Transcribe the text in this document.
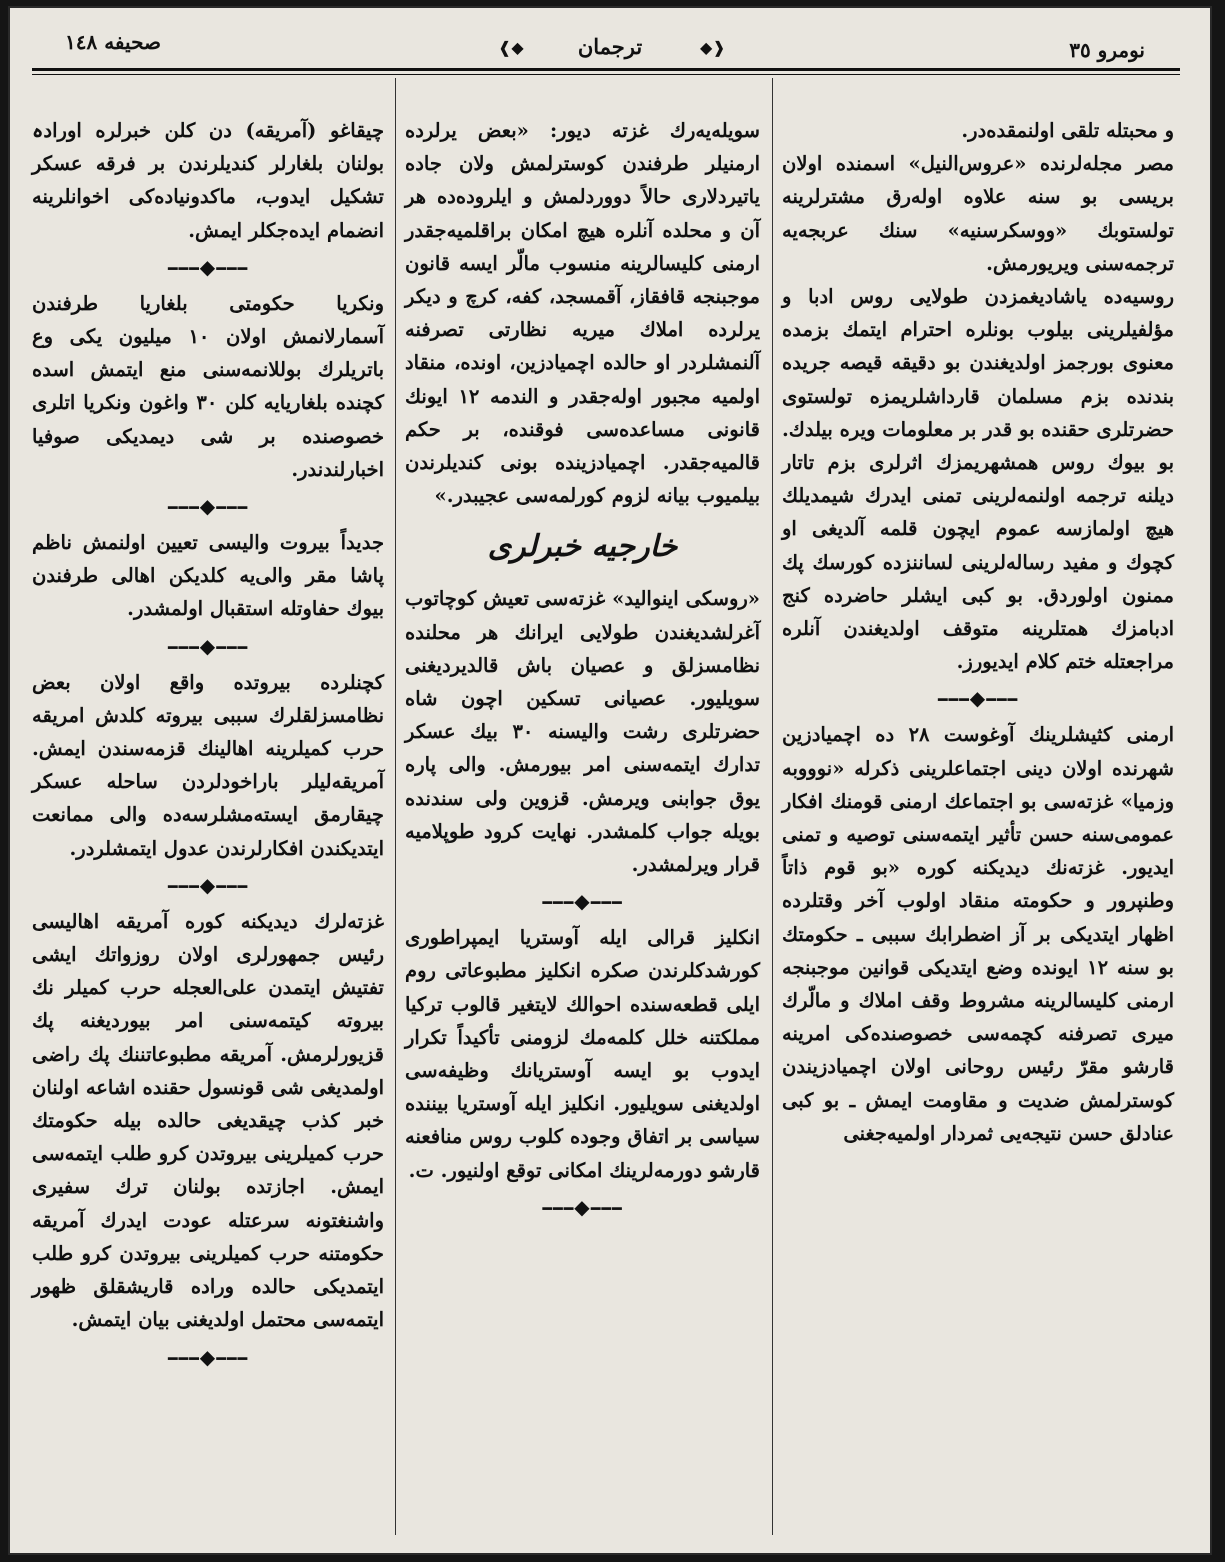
نومرو ٣٥
❰◆	ترجمان	◆❱
صحیفه ١٤٨

و محبتله تلقی اولنمقده‌در.

مصر مجله‌لرنده «عروس‌النیل» اسمنده اولان بریسی بو سنه علاوه اوله‌رق مشترلرینه تولستوبك «ووسکرسنیه» سنك عربجه‌یه ترجمه‌سنی ویریورمش.

روسیه‌ده یاشادیغمزدن طولایی روس ادبا و مؤلفیلرینی بیلوب بونلره احترام ایتمك بزمده معنوی بورجمز اولدیغندن بو دقیقه قیصه جریده بندنده بزم مسلمان قارداشلریمزه تولستوی حضرتلری حقنده بو قدر بر معلومات ویره بیلدك. بو بیوك روس همشهریمزك اثرلری بزم تاتار دیلنه ترجمه اولنمه‌لرینی تمنی ایدرك شیمدیلك هیچ اولمازسه عموم ایچون قلمه آلدیغی او کچوك و مفید رساله‌لرینی لساننزده کورسك پك ممنون اولوردق. بو کبی ایشلر حاضرده کنج ادبامزك همتلرینه متوقف اولدیغندن آنلره مراجعتله ختم کلام ایدیورز.

━━━◆━━━

ارمنی کثیشلرینك آوغوست ٢٨ ده اچمیادزین شهرنده اولان دینی اجتماعلرینی ذکرله «نوووبه وزمیا» غزته‌سی بو اجتماعك ارمنی قومنك افکار عمومی‌سنه حسن تأثیر ایتمه‌سنی توصیه و تمنی ایدیور. غزته‌نك دیدیکنه کوره «بو قوم ذاتاً وطنپرور و حکومته منقاد اولوب آخر وقتلرده اظهار ایتدیکی بر آز اضطرابك سببی ـ حکومتك بو سنه ١٢ ایونده وضع ایتدیکی قوانین موجبنجه ارمنی کلیسالرینه مشروط وقف املاك و مالّرك میری تصرفنه کچمه‌سی خصوصنده‌کی امرینه قارشو مقرّ رئیس روحانی اولان اچمیادزیندن کوسترلمش ضدیت و مقاومت ایمش ـ بو کبی عنادلق حسن نتیجه‌یی ثمردار اولمیه‌جغنی

سویله‌یه‌رك غزته دیور: «بعض یرلرده ارمنیلر طرفندن کوسترلمش ولان جاده یاتیردلاری حالاً دووردلمش و ایلروده‌ده هر آن و محلده آنلره هیچ امکان براقلمیه‌جقدر ارمنی کلیسالرینه منسوب مالّر ایسه قانون موجبنجه قافقاز، آقمسجد، کفه، کرچ و دیکر یرلرده املاك میریه نظارتی تصرفنه آلنمشلردر او حالده اچمیادزین، اونده، منقاد اولمیه مجبور اوله‌جقدر و الندمه ١٢ ایونك قانونی مساعده‌سی فوقنده، بر حکم قالمیه‌جقدر. اچمیادزینده بونی کندیلرندن بیلمیوب بیانه لزوم کورلمه‌سی عجیبدر.»

خارجیه خبرلری

«روسکی اینوالید» غزته‌سی تعیش کوچاتوب آغرلشدیغندن طولایی ایرانك هر محلنده نظامسزلق و عصیان باش قالدیردیغنی سویلیور. عصیانی تسکین اچون شاه حضرتلری رشت والیسنه ٣٠ بیك عسکر تدارك ایتمه‌سنی امر بیورمش. والی پاره یوق جوابنی ویرمش. قزوین ولی سندنده بویله جواب کلمشدر. نهایت کرود طوپلامیه قرار ویرلمشدر.

━━━◆━━━

انکلیز قرالی ایله آوستریا ایمپراطوری کورشدکلرندن صکره انکلیز مطبوعاتی روم ایلی قطعه‌سنده احوالك لایتغیر قالوب ترکیا مملکتنه خلل کلمه‌مك لزومنی تأکیداً تکرار ایدوب بو ایسه آوستریانك وظیفه‌سی اولدیغنی سویلیور. انکلیز ایله آوستریا بیننده سیاسی بر اتفاق وجوده کلوب روس منافعنه قارشو دورمه‌لرینك امکانی توقع اولنیور. ت.

━━━◆━━━

چیقاغو (آمریقه) دن کلن خبرلره اورادہ بولنان بلغارلر کندیلرندن بر فرقه عسکر تشکیل ایدوب، ماکدونیاده‌کی اخوانلرینه انضمام ایده‌جکلر ایمش.

━━━◆━━━

ونکریا حکومتی بلغاریا طرفندن آسمارلانمش اولان ١٠ میلیون یکی وع باتریلرك بوللانمه‌سنی منع ایتمش اسده کچنده بلغاریایه کلن ٣٠ واغون ونکریا اتلری خصوصنده بر شی دیمدیکی صوفیا اخبارلندندر.

━━━◆━━━

جدیداً بیروت والیسی تعیین اولنمش ناظم پاشا مقر والی‌یه کلدیکن اهالی طرفندن بیوك حفاوتله استقبال اولمشدر.

━━━◆━━━

کچنلرده بیروتده واقع اولان بعض نظامسزلقلرك سببی بیروته کلدش امریقه حرب کمیلرینه اهالینك قزمه‌سندن ایمش. آمریقه‌لیلر باراخودلردن ساحله عسکر چیقارمق ایسته‌مشلرسه‌ده والی ممانعت ایتدیکندن افکارلرندن عدول ایتمشلردر.

━━━◆━━━

غزته‌لرك دیدیکنه کوره آمریقه اهالیسی رئیس جمهورلری اولان روزواتك ایشی تفتیش ایتمدن علی‌العجله حرب کمیلر نك بیروته کیتمه‌سنی امر بیوردیغنه پك قزیورلرمش. آمریقه مطبوعاتننك پك راضی اولمدیغی شی قونسول حقنده اشاعه اولنان خبر کذب چیقدیغی حالده بیله حکومتك حرب کمیلرینی بیروتدن کرو طلب ایتمه‌سی ایمش. اجازتده بولنان ترك سفیری واشنغتونه سرعتله عودت ایدرك آمریقه حکومتنه حرب کمیلرینی بیروتدن کرو طلب ایتمدیکی حالده وراده قاریشقلق ظهور ایتمه‌سی محتمل اولدیغنی بیان ایتمش.

━━━◆━━━
